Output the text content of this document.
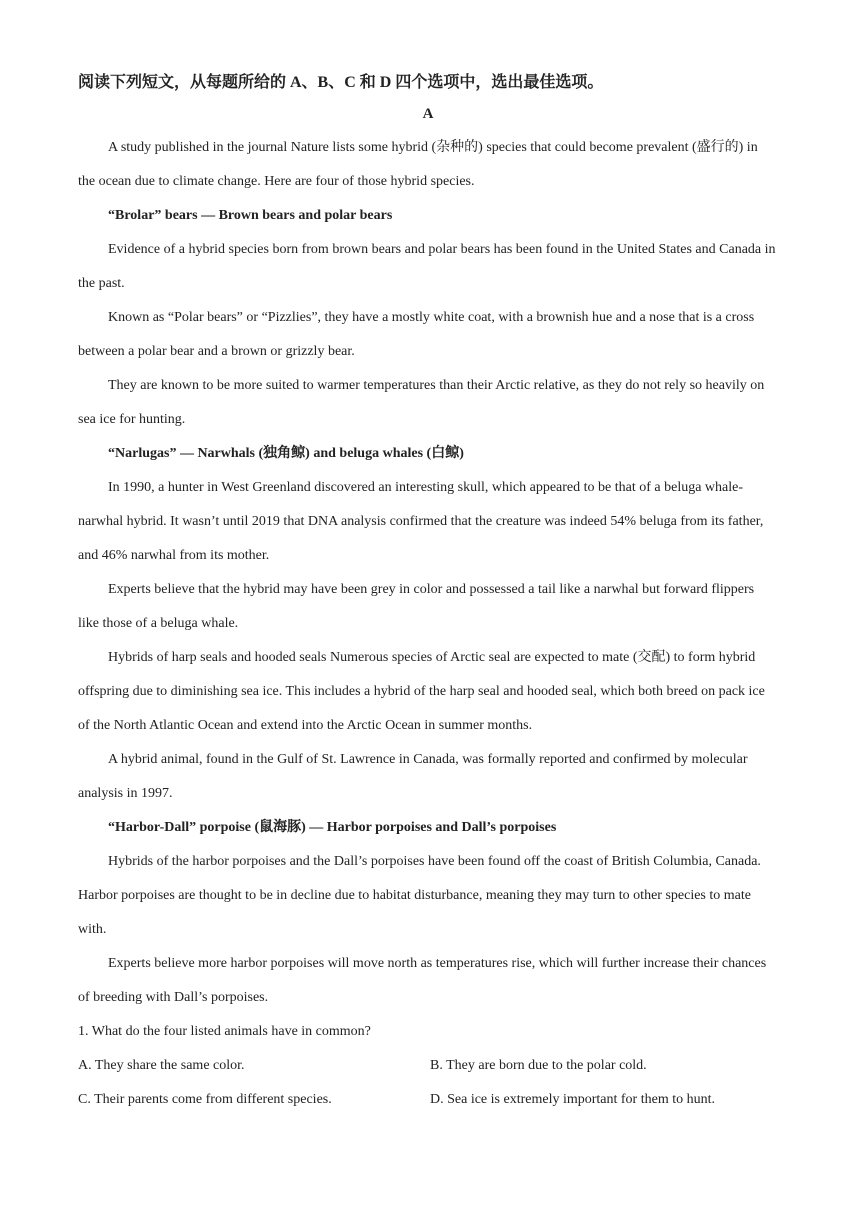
阅读下列短文，从每题所给的 A、B、C 和 D 四个选项中，选出最佳选项。

A

A study published in the journal Nature lists some hybrid (杂种的) species that could become prevalent (盛行的) in the ocean due to climate change. Here are four of those hybrid species.

“Brolar” bears — Brown bears and polar bears

Evidence of a hybrid species born from brown bears and polar bears has been found in the United States and Canada in the past.

Known as “Polar bears” or “Pizzlies”, they have a mostly white coat, with a brownish hue and a nose that is a cross between a polar bear and a brown or grizzly bear.

They are known to be more suited to warmer temperatures than their Arctic relative, as they do not rely so heavily on sea ice for hunting.

“Narlugas” — Narwhals (独角鲸) and beluga whales (白鲸)

In 1990, a hunter in West Greenland discovered an interesting skull, which appeared to be that of a beluga whale-narwhal hybrid. It wasn’t until 2019 that DNA analysis confirmed that the creature was indeed 54% beluga from its father, and 46% narwhal from its mother.

Experts believe that the hybrid may have been grey in color and possessed a tail like a narwhal but forward flippers like those of a beluga whale.

Hybrids of harp seals and hooded seals Numerous species of Arctic seal are expected to mate (交配) to form hybrid offspring due to diminishing sea ice. This includes a hybrid of the harp seal and hooded seal, which both breed on pack ice of the North Atlantic Ocean and extend into the Arctic Ocean in summer months.

A hybrid animal, found in the Gulf of St. Lawrence in Canada, was formally reported and confirmed by molecular analysis in 1997.

“Harbor-Dall” porpoise (鼠海豚) — Harbor porpoises and Dall’s porpoises

Hybrids of the harbor porpoises and the Dall’s porpoises have been found off the coast of British Columbia, Canada. Harbor porpoises are thought to be in decline due to habitat disturbance, meaning they may turn to other species to mate with.

Experts believe more harbor porpoises will move north as temperatures rise, which will further increase their chances of breeding with Dall’s porpoises.

1. What do the four listed animals have in common?

A. They share the same color.	B. They are born due to the polar cold.
C. Their parents come from different species.	D. Sea ice is extremely important for them to hunt.
